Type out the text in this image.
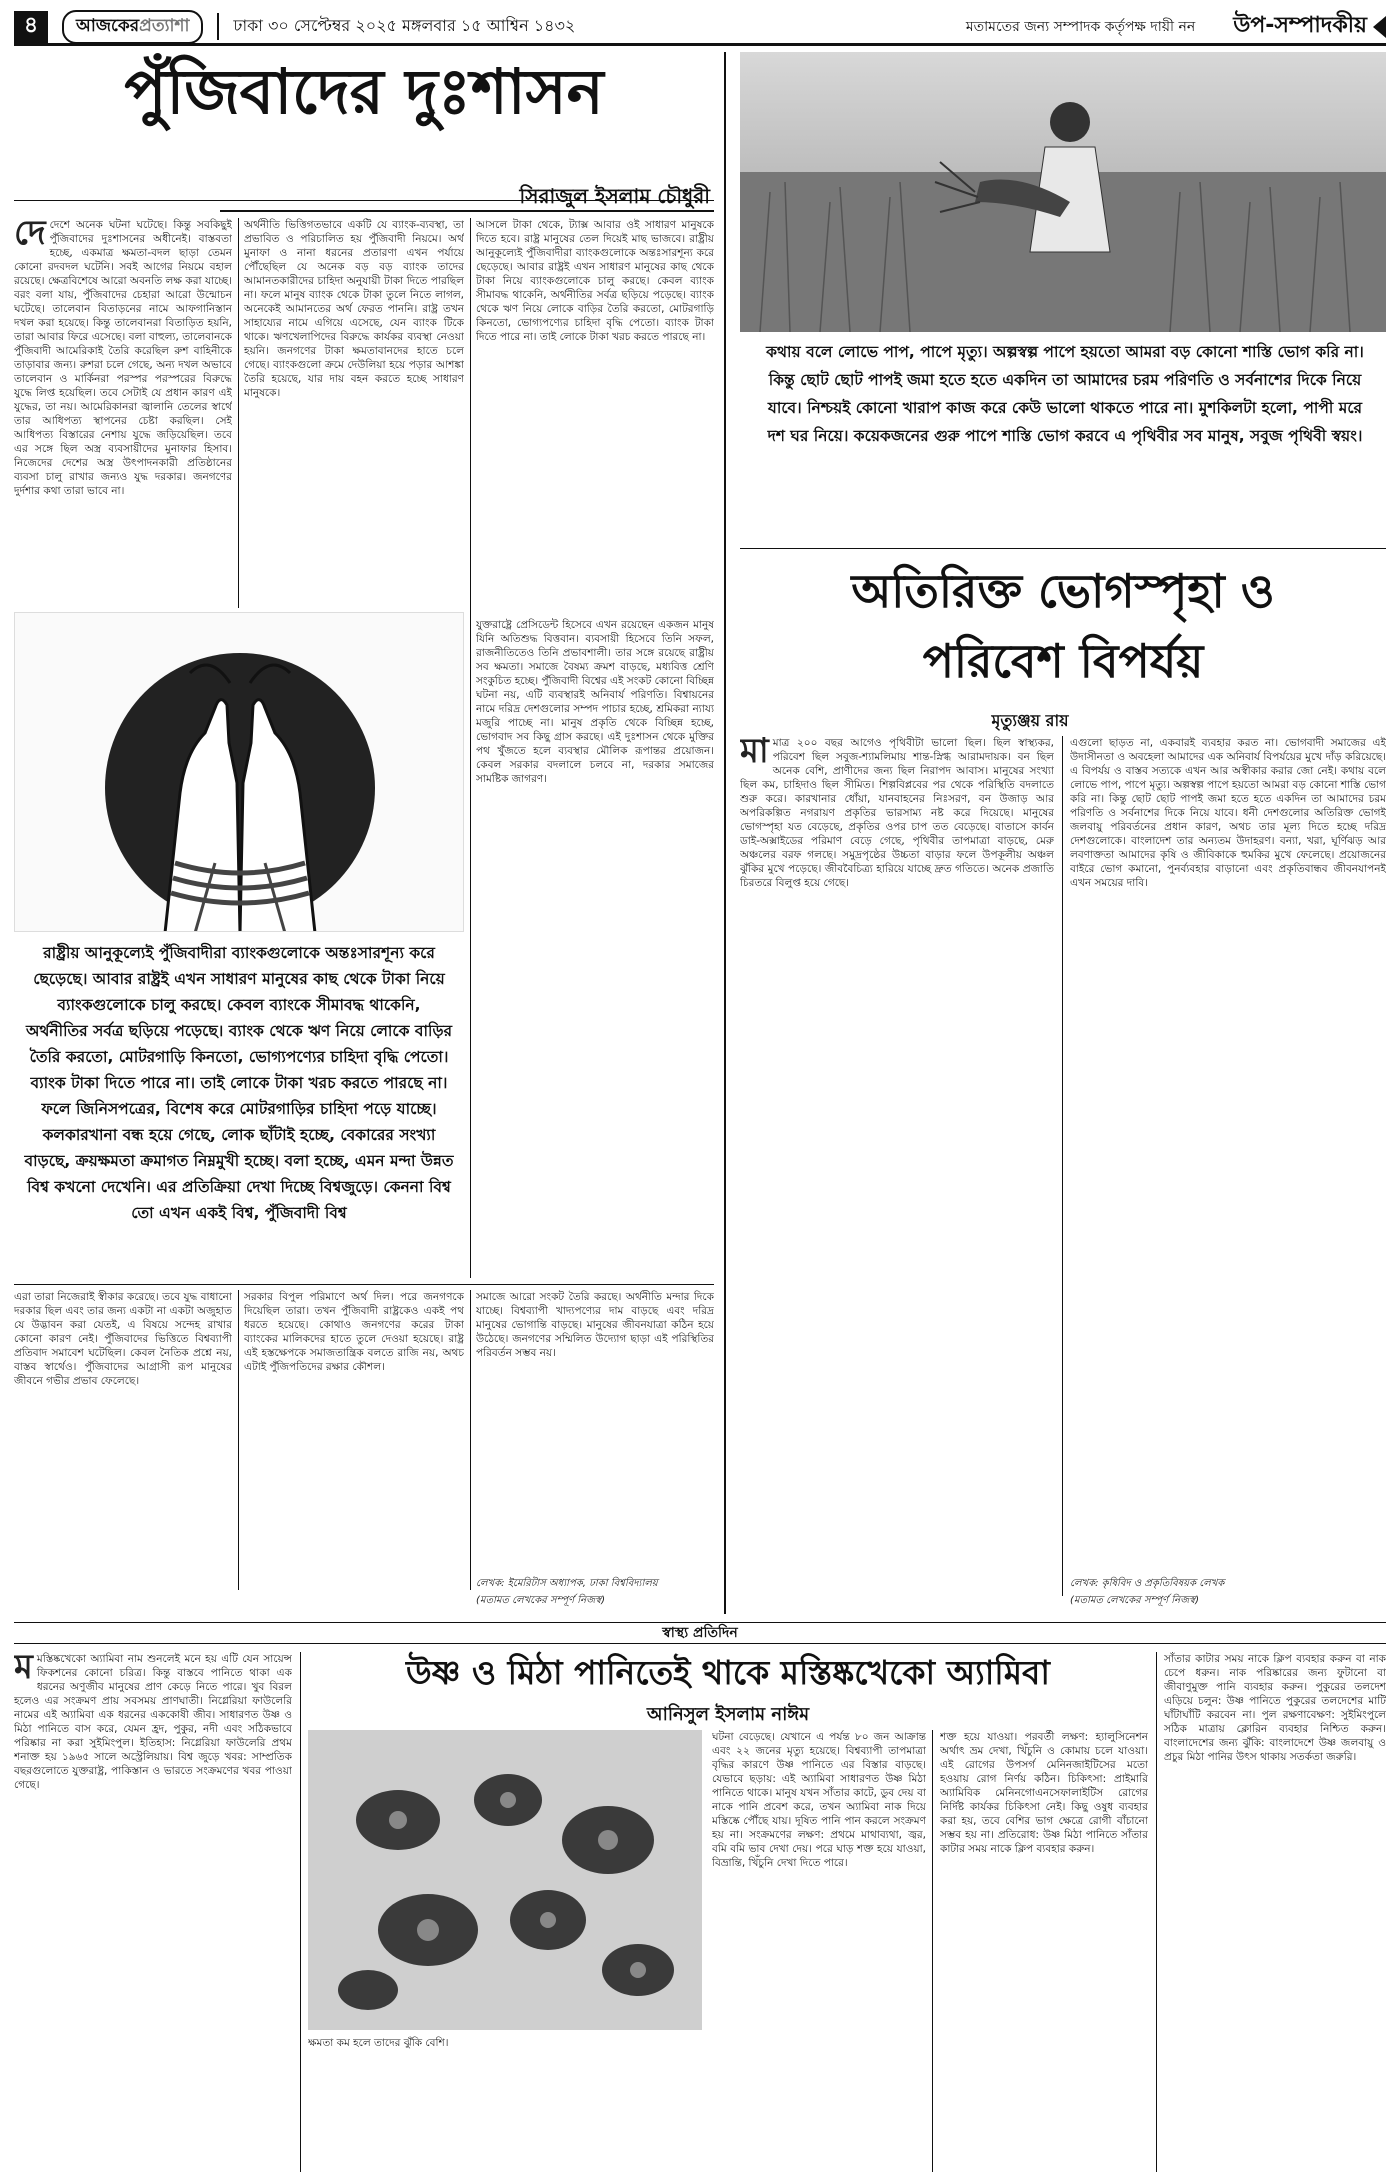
৪	আজকেরপ্রত্যাশা	ঢাকা ৩০ সেপ্টেম্বর ২০২৫ মঙ্গলবার ১৫ আশ্বিন ১৪৩২	মতামতের জন্য সম্পাদক কর্তৃপক্ষ দায়ী নন	উপ-সম্পাদকীয়
পুঁজিবাদের দুঃশাসন
সিরাজুল ইসলাম চৌধুরী

দেদেশে অনেক ঘটনা ঘটেছে। কিন্তু সবকিছুই পুঁজিবাদের দুঃশাসনের অধীনেই। বাস্তবতা হচ্ছে, একমাত্র ক্ষমতা-বদল ছাড়া তেমন কোনো রদবদল ঘটেনি। সবই আগের নিয়মে বহাল রয়েছে। ক্ষেত্রবিশেষে আরো অবনতি লক্ষ করা যাচ্ছে। বরং বলা যায়, পুঁজিবাদের চেহারা আরো উন্মোচন ঘটেছে। তালেবান বিতাড়নের নামে আফগানিস্তান দখল করা হয়েছে। কিন্তু তালেবানরা বিতাড়িত হয়নি, তারা আবার ফিরে এসেছে। বলা বাহুল্য, তালেবানকে পুঁজিবাদী আমেরিকাই তৈরি করেছিল রুশ বাহিনীকে তাড়াবার জন্য। রুশরা চলে গেছে, অন্য দখল অভাবে তালেবান ও মার্কিনরা পরস্পর পরস্পরের বিরুদ্ধে যুদ্ধে লিপ্ত হয়েছিল। তবে সেটাই যে প্রধান কারণ এই যুদ্ধের, তা নয়। আমেরিকানরা জ্বালানি তেলের স্বার্থে তার আধিপত্য স্থাপনের চেষ্টা করছিল। সেই আধিপত্য বিস্তারের নেশায় যুদ্ধে জড়িয়েছিল। তবে এর সঙ্গে ছিল অস্ত্র ব্যবসায়ীদের মুনাফার হিসাব। নিজেদের দেশের অস্ত্র উৎপাদনকারী প্রতিষ্ঠানের ব্যবসা চালু রাখার জন্যও যুদ্ধ দরকার। জনগণের দুর্দশার কথা তারা ভাবে না।

অর্থনীতি ভিত্তিগতভাবে একটি যে ব্যাংক-ব্যবস্থা, তা প্রভাবিত ও পরিচালিত হয় পুঁজিবাদী নিয়মে। অর্থ মুনাফা ও নানা ধরনের প্রতারণা এখন পর্যায়ে পৌঁছেছিল যে অনেক বড় বড় ব্যাংক তাদের আমানতকারীদের চাহিদা অনুযায়ী টাকা দিতে পারছিল না। ফলে মানুষ ব্যাংক থেকে টাকা তুলে নিতে লাগল, অনেকেই আমানতের অর্থ ফেরত পাননি। রাষ্ট্র তখন সাহায্যের নামে এগিয়ে এসেছে, যেন ব্যাংক টিকে থাকে। ঋণখেলাপিদের বিরুদ্ধে কার্যকর ব্যবস্থা নেওয়া হয়নি। জনগণের টাকা ক্ষমতাবানদের হাতে চলে গেছে। ব্যাংকগুলো ক্রমে দেউলিয়া হয়ে পড়ার আশঙ্কা তৈরি হয়েছে, যার দায় বহন করতে হচ্ছে সাধারণ মানুষকে।
আসলে টাকা থেকে, ট্যাক্স আবার ওই সাধারণ মানুষকে দিতে হবে। রাষ্ট্র মানুষের তেল দিয়েই মাছ ভাজবে। রাষ্ট্রীয় আনুকূল্যেই পুঁজিবাদীরা ব্যাংকগুলোকে অন্তঃসারশূন্য করে ছেড়েছে। আবার রাষ্ট্রই এখন সাধারণ মানুষের কাছ থেকে টাকা নিয়ে ব্যাংকগুলোকে চালু করছে। কেবল ব্যাংক সীমাবদ্ধ থাকেনি, অর্থনীতির সর্বত্র ছড়িয়ে পড়েছে। ব্যাংক থেকে ঋণ নিয়ে লোকে বাড়ির তৈরি করতো, মোটরগাড়ি কিনতো, ভোগ্যপণ্যের চাহিদা বৃদ্ধি পেতো। ব্যাংক টাকা দিতে পারে না। তাই লোকে টাকা খরচ করতে পারছে না।
যুক্তরাষ্ট্রে প্রেসিডেন্ট হিসেবে এখন রয়েছেন একজন মানুষ যিনি অতিশুদ্ধ বিত্তবান। ব্যবসায়ী হিসেবে তিনি সফল, রাজনীতিতেও তিনি প্রভাবশালী। তার সঙ্গে রয়েছে রাষ্ট্রীয় সব ক্ষমতা। সমাজে বৈষম্য ক্রমশ বাড়ছে, মধ্যবিত্ত শ্রেণি সংকুচিত হচ্ছে। পুঁজিবাদী বিশ্বের এই সংকট কোনো বিচ্ছিন্ন ঘটনা নয়, এটি ব্যবস্থারই অনিবার্য পরিণতি। বিশ্বায়নের নামে দরিদ্র দেশগুলোর সম্পদ পাচার হচ্ছে, শ্রমিকরা ন্যায্য মজুরি পাচ্ছে না। মানুষ প্রকৃতি থেকে বিচ্ছিন্ন হচ্ছে, ভোগবাদ সব কিছু গ্রাস করছে। এই দুঃশাসন থেকে মুক্তির পথ খুঁজতে হলে ব্যবস্থার মৌলিক রূপান্তর প্রয়োজন। কেবল সরকার বদলালে চলবে না, দরকার সমাজের সামষ্টিক জাগরণ।
রাষ্ট্রীয় আনুকূল্যেই পুঁজিবাদীরা ব্যাংকগুলোকে অন্তঃসারশূন্য করে ছেড়েছে। আবার রাষ্ট্রই এখন সাধারণ মানুষের কাছ থেকে টাকা নিয়ে ব্যাংকগুলোকে চালু করছে। কেবল ব্যাংকে সীমাবদ্ধ থাকেনি, অর্থনীতির সর্বত্র ছড়িয়ে পড়েছে। ব্যাংক থেকে ঋণ নিয়ে লোকে বাড়ির তৈরি করতো, মোটরগাড়ি কিনতো, ভোগ্যপণ্যের চাহিদা বৃদ্ধি পেতো। ব্যাংক টাকা দিতে পারে না। তাই লোকে টাকা খরচ করতে পারছে না। ফলে জিনিসপত্রের, বিশেষ করে মোটরগাড়ির চাহিদা পড়ে যাচ্ছে। কলকারখানা বন্ধ হয়ে গেছে, লোক ছাঁটাই হচ্ছে, বেকারের সংখ্যা বাড়ছে, ক্রয়ক্ষমতা ক্রমাগত নিম্নমুখী হচ্ছে। বলা হচ্ছে, এমন মন্দা উন্নত বিশ্ব কখনো দেখেনি। এর প্রতিক্রিয়া দেখা দিচ্ছে বিশ্বজুড়ে। কেননা বিশ্ব তো এখন একই বিশ্ব, পুঁজিবাদী বিশ্ব
এরা তারা নিজেরাই স্বীকার করেছে। তবে যুদ্ধ বাধানো দরকার ছিল এবং তার জন্য একটা না একটা অজুহাত যে উদ্ভাবন করা যেতই, এ বিষয়ে সন্দেহ রাখার কোনো কারণ নেই। পুঁজিবাদের ভিত্তিতে বিশ্বব্যাপী প্রতিবাদ সমাবেশ ঘটেছিল। কেবল নৈতিক প্রশ্নে নয়, বাস্তব স্বার্থেও। পুঁজিবাদের আগ্রাসী রূপ মানুষের জীবনে গভীর প্রভাব ফেলেছে।
সরকার বিপুল পরিমাণে অর্থ দিল। পরে জনগণকে দিয়েছিল তারা। তখন পুঁজিবাদী রাষ্ট্রকেও একই পথ ধরতে হয়েছে। কোথাও জনগণের করের টাকা ব্যাংকের মালিকদের হাতে তুলে দেওয়া হয়েছে। রাষ্ট্র এই হস্তক্ষেপকে সমাজতান্ত্রিক বলতে রাজি নয়, অথচ এটাই পুঁজিপতিদের রক্ষার কৌশল।
সমাজে আরো সংকট তৈরি করছে। অর্থনীতি মন্দার দিকে যাচ্ছে। বিশ্বব্যাপী খাদ্যপণ্যের দাম বাড়ছে এবং দরিদ্র মানুষের ভোগান্তি বাড়ছে। মানুষের জীবনযাত্রা কঠিন হয়ে উঠেছে। জনগণের সম্মিলিত উদ্যোগ ছাড়া এই পরিস্থিতির পরিবর্তন সম্ভব নয়।
লেখক: ইমেরিটাস অধ্যাপক, ঢাকা বিশ্ববিদ্যালয়
(মতামত লেখকের সম্পূর্ণ নিজস্ব)
কথায় বলে লোভে পাপ, পাপে মৃত্যু। অল্পস্বল্প পাপে হয়তো আমরা বড় কোনো শাস্তি ভোগ করি না। কিন্তু ছোট ছোট পাপই জমা হতে হতে একদিন তা আমাদের চরম পরিণতি ও সর্বনাশের দিকে নিয়ে যাবে। নিশ্চয়ই কোনো খারাপ কাজ করে কেউ ভালো থাকতে পারে না। মুশকিলটা হলো, পাপী মরে দশ ঘর নিয়ে। কয়েকজনের গুরু পাপে শাস্তি ভোগ করবে এ পৃথিবীর সব মানুষ, সবুজ পৃথিবী স্বয়ং।
অতিরিক্ত ভোগস্পৃহা ও
পরিবেশ বিপর্যয়
মৃত্যুঞ্জয় রায়

মামাত্র ২০০ বছর আগেও পৃথিবীটা ভালো ছিল। ছিল স্বাস্থ্যকর, পরিবেশ ছিল সবুজ-শ্যামলিমায় শান্ত-স্নিগ্ধ আরামদায়ক। বন ছিল অনেক বেশি, প্রাণীদের জন্য ছিল নিরাপদ আবাস। মানুষের সংখ্যা ছিল কম, চাহিদাও ছিল সীমিত। শিল্পবিপ্লবের পর থেকে পরিস্থিতি বদলাতে শুরু করে। কারখানার ধোঁয়া, যানবাহনের নিঃসরণ, বন উজাড় আর অপরিকল্পিত নগরায়ণ প্রকৃতির ভারসাম্য নষ্ট করে দিয়েছে। মানুষের ভোগস্পৃহা যত বেড়েছে, প্রকৃতির ওপর চাপ তত বেড়েছে। বাতাসে কার্বন ডাই-অক্সাইডের পরিমাণ বেড়ে গেছে, পৃথিবীর তাপমাত্রা বাড়ছে, মেরু অঞ্চলের বরফ গলছে। সমুদ্রপৃষ্ঠের উচ্চতা বাড়ার ফলে উপকূলীয় অঞ্চল ঝুঁকির মুখে পড়েছে। জীববৈচিত্র্য হারিয়ে যাচ্ছে দ্রুত গতিতে। অনেক প্রজাতি চিরতরে বিলুপ্ত হয়ে গেছে।

এগুলো ছাড়ত না, একবারই ব্যবহার করত না। ভোগবাদী সমাজের এই উদাসীনতা ও অবহেলা আমাদের এক অনিবার্য বিপর্যয়ের মুখে দাঁড় করিয়েছে। এ বিপর্যয় ও বাস্তব সত্যকে এখন আর অস্বীকার করার জো নেই। কথায় বলে লোভে পাপ, পাপে মৃত্যু। অল্পস্বল্প পাপে হয়তো আমরা বড় কোনো শাস্তি ভোগ করি না। কিন্তু ছোট ছোট পাপই জমা হতে হতে একদিন তা আমাদের চরম পরিণতি ও সর্বনাশের দিকে নিয়ে যাবে। ধনী দেশগুলোর অতিরিক্ত ভোগই জলবায়ু পরিবর্তনের প্রধান কারণ, অথচ তার মূল্য দিতে হচ্ছে দরিদ্র দেশগুলোকে। বাংলাদেশ তার অন্যতম উদাহরণ। বন্যা, খরা, ঘূর্ণিঝড় আর লবণাক্ততা আমাদের কৃষি ও জীবিকাকে হুমকির মুখে ফেলেছে। প্রয়োজনের বাইরে ভোগ কমানো, পুনর্ব্যবহার বাড়ানো এবং প্রকৃতিবান্ধব জীবনযাপনই এখন সময়ের দাবি।
লেখক: কৃষিবিদ ও প্রকৃতিবিষয়ক লেখক
(মতামত লেখকের সম্পূর্ণ নিজস্ব)
স্বাস্থ্য প্রতিদিন

মমস্তিষ্কখেকো অ্যামিবা নাম শুনলেই মনে হয় এটি যেন সায়েন্স ফিকশনের কোনো চরিত্র। কিন্তু বাস্তবে পানিতে থাকা এক ধরনের অণুজীব মানুষের প্রাণ কেড়ে নিতে পারে। খুব বিরল হলেও এর সংক্রমণ প্রায় সবসময় প্রাণঘাতী। নিগ্লেরিয়া ফাউলেরি নামের এই অ্যামিবা এক ধরনের এককোষী জীব। সাধারণত উষ্ণ ও মিঠা পানিতে বাস করে, যেমন হ্রদ, পুকুর, নদী এবং সঠিকভাবে পরিষ্কার না করা সুইমিংপুল। ইতিহাস: নিগ্লেরিয়া ফাউলেরি প্রথম শনাক্ত হয় ১৯৬৫ সালে অস্ট্রেলিয়ায়। বিশ্ব জুড়ে খবর: সাম্প্রতিক বছরগুলোতে যুক্তরাষ্ট্র, পাকিস্তান ও ভারতে সংক্রমণের খবর পাওয়া গেছে।

উষ্ণ ও মিঠা পানিতেই থাকে মস্তিষ্কখেকো অ্যামিবা
আনিসুল ইসলাম নাঈম
ক্ষমতা কম হলে তাদের ঝুঁকি বেশি।
ঘটনা বেড়েছে। যেখানে এ পর্যন্ত ৮০ জন আক্রান্ত এবং ২২ জনের মৃত্যু হয়েছে। বিশ্বব্যাপী তাপমাত্রা বৃদ্ধির কারণে উষ্ণ পানিতে এর বিস্তার বাড়ছে। যেভাবে ছড়ায়: এই অ্যামিবা সাধারণত উষ্ণ মিঠা পানিতে থাকে। মানুষ যখন সাঁতার কাটে, ডুব দেয় বা নাকে পানি প্রবেশ করে, তখন অ্যামিবা নাক দিয়ে মস্তিষ্কে পৌঁছে যায়। দূষিত পানি পান করলে সংক্রমণ হয় না। সংক্রমণের লক্ষণ: প্রথমে মাথাব্যথা, জ্বর, বমি বমি ভাব দেখা দেয়। পরে ঘাড় শক্ত হয়ে যাওয়া, বিভ্রান্তি, খিঁচুনি দেখা দিতে পারে।
শক্ত হয়ে যাওয়া। পরবর্তী লক্ষণ: হ্যালুসিনেশন অর্থাৎ ভ্রম দেখা, খিঁচুনি ও কোমায় চলে যাওয়া। এই রোগের উপসর্গ মেনিনজাইটিসের মতো হওয়ায় রোগ নির্ণয় কঠিন। চিকিৎসা: প্রাইমারি অ্যামিবিক মেনিনগোএনসেফালাইটিস রোগের নির্দিষ্ট কার্যকর চিকিৎসা নেই। কিছু ওষুধ ব্যবহার করা হয়, তবে বেশির ভাগ ক্ষেত্রে রোগী বাঁচানো সম্ভব হয় না। প্রতিরোধ: উষ্ণ মিঠা পানিতে সাঁতার কাটার সময় নাকে ক্লিপ ব্যবহার করুন।
সাঁতার কাটার সময় নাকে ক্লিপ ব্যবহার করুন বা নাক চেপে ধরুন। নাক পরিষ্কারের জন্য ফুটানো বা জীবাণুমুক্ত পানি ব্যবহার করুন। পুকুরের তলদেশ এড়িয়ে চলুন: উষ্ণ পানিতে পুকুরের তলদেশের মাটি ঘাঁটাঘাঁটি করবেন না। পুল রক্ষণাবেক্ষণ: সুইমিংপুলে সঠিক মাত্রায় ক্লোরিন ব্যবহার নিশ্চিত করুন। বাংলাদেশের জন্য ঝুঁকি: বাংলাদেশে উষ্ণ জলবায়ু ও প্রচুর মিঠা পানির উৎস থাকায় সতর্কতা জরুরি।
